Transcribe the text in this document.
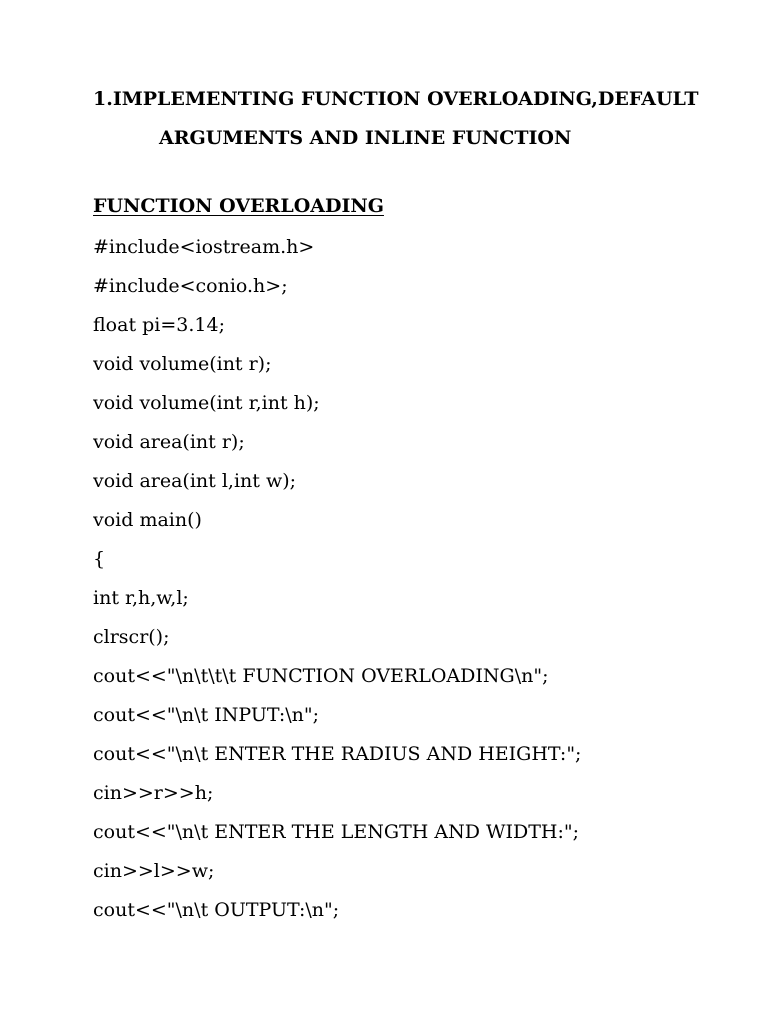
1.IMPLEMENTING FUNCTION OVERLOADING,DEFAULT
ARGUMENTS AND INLINE FUNCTION
FUNCTION OVERLOADING
#include<iostream.h>
#include<conio.h>;
float pi=3.14;
void volume(int r);
void volume(int r,int h);
void area(int r);
void area(int l,int w);
void main()
{
int r,h,w,l;
clrscr();
cout<<"\n\t\t\t FUNCTION OVERLOADING\n";
cout<<"\n\t INPUT:\n";
cout<<"\n\t ENTER THE RADIUS AND HEIGHT:";
cin>>r>>h;
cout<<"\n\t ENTER THE LENGTH AND WIDTH:";
cin>>l>>w;
cout<<"\n\t OUTPUT:\n";
